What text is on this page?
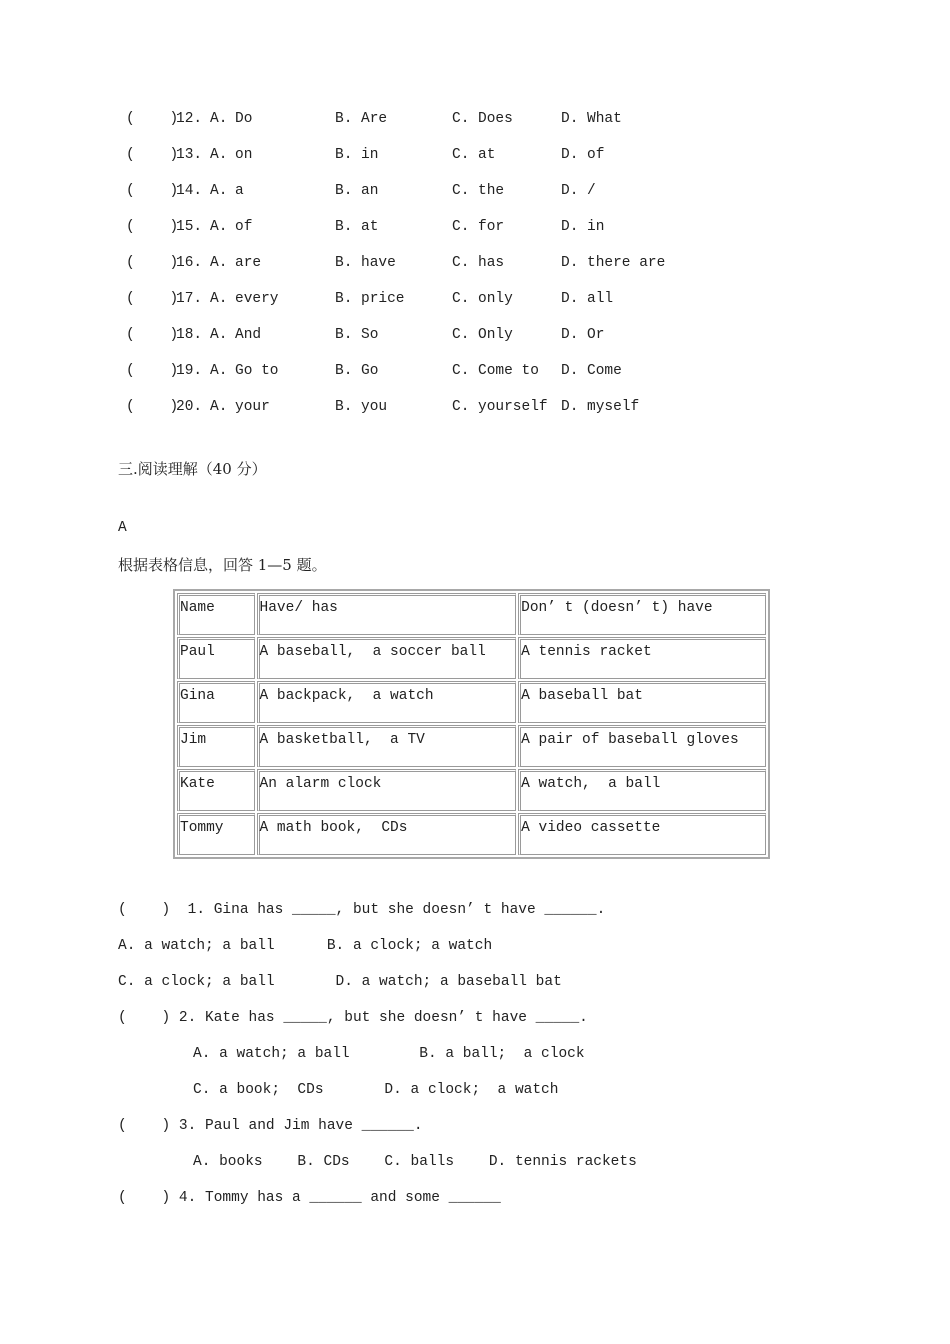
(    )
12. A. Do	B. Are	C. Does	D. What
(    )
13. A. on	B. in	C. at	D. of
(    )
14. A. a	B. an	C. the	D. /
(    )
15. A. of	B. at	C. for	D. in
(    )
16. A. are	B. have	C. has	D. there are
(    )
17. A. every	B. price	C. only	D. all
(    )
18. A. And	B. So	C. Only	D. Or
(    )
19. A. Go to	B. Go	C. Come to D. Come
(    )
20. A. your	B. you	C. yourself D. myself
三.阅读理解（40 分）
A
根据表格信息，回答 1—5 题。
Name	Have/ has	Don’ t (doesn’ t) have
Paul	A baseball,  a soccer ball	A tennis racket
Gina	A backpack,  a watch	A baseball bat
Jim	A basketball,  a TV	A pair of baseball gloves
Kate	An alarm clock	A watch,  a ball
Tommy	A math book,  CDs	A video cassette
(    )  1. Gina has _____, but she doesn’ t have ______.
A. a watch; a ball      B. a clock; a watch
C. a clock; a ball       D. a watch; a baseball bat
(    ) 2. Kate has _____, but she doesn’ t have _____.
A. a watch; a ball        B. a ball;  a clock
C. a book;  CDs       D. a clock;  a watch
(    ) 3. Paul and Jim have ______.
A. books    B. CDs    C. balls    D. tennis rackets
(    ) 4. Tommy has a ______ and some ______
